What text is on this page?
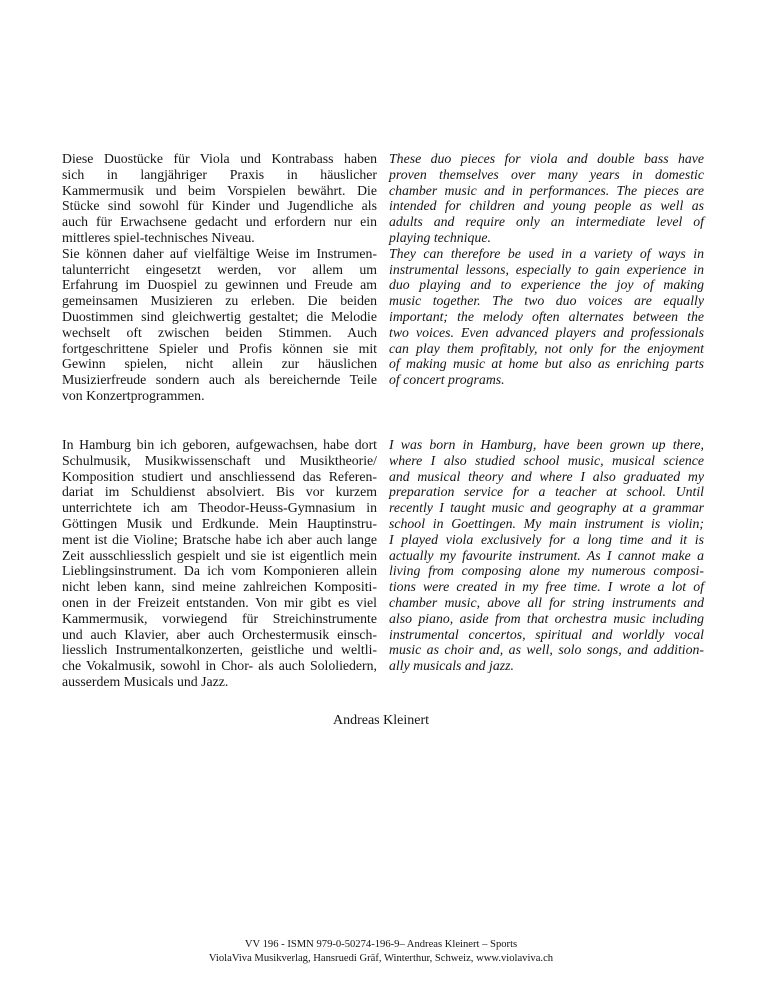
Diese Duostücke für Viola und Kontrabass haben
sich in langjähriger Praxis in häuslicher
Kammermusik und beim Vorspielen bewährt. Die
Stücke sind sowohl für Kinder und Jugendliche als
auch für Erwachsene gedacht und erfordern nur ein
mittleres spiel-technisches Niveau.
Sie können daher auf vielfältige Weise im Instrumen-
talunterricht eingesetzt werden, vor allem um
Erfahrung im Duospiel zu gewinnen und Freude am
gemeinsamen Musizieren zu erleben. Die beiden
Duostimmen sind gleichwertig gestaltet; die Melodie
wechselt oft zwischen beiden Stimmen. Auch
fortgeschrittene Spieler und Profis können sie mit
Gewinn spielen, nicht allein zur häuslichen
Musizierfreude sondern auch als bereichernde Teile
von Konzertprogrammen.
These duo pieces for viola and double bass have
proven themselves over many years in domestic
chamber music and in performances. The pieces are
intended for children and young people as well as
adults and require only an intermediate level of
playing technique.
They can therefore be used in a variety of ways in
instrumental lessons, especially to gain experience in
duo playing and to experience the joy of making
music together. The two duo voices are equally
important; the melody often alternates between the
two voices. Even advanced players and professionals
can play them profitably, not only for the enjoyment
of making music at home but also as enriching parts
of concert programs.
In Hamburg bin ich geboren, aufgewachsen, habe dort
Schulmusik, Musikwissenschaft und Musiktheorie/
Komposition studiert und anschliessend das Referen-
dariat im Schuldienst absolviert. Bis vor kurzem
unterrichtete ich am Theodor-Heuss-Gymnasium in
Göttingen Musik und Erdkunde. Mein Hauptinstru-
ment ist die Violine; Bratsche habe ich aber auch lange
Zeit ausschliesslich gespielt und sie ist eigentlich mein
Lieblingsinstrument. Da ich vom Komponieren allein
nicht leben kann, sind meine zahlreichen Kompositi-
onen in der Freizeit entstanden. Von mir gibt es viel
Kammermusik, vorwiegend für Streichinstrumente
und auch Klavier, aber auch Orchestermusik einsch-
liesslich Instrumentalkonzerten, geistliche und weltli-
che Vokalmusik, sowohl in Chor- als auch Sololiedern,
ausserdem Musicals und Jazz.
I was born in Hamburg, have been grown up there,
where I also studied school music, musical science
and musical theory and where I also graduated my
preparation service for a teacher at school. Until
recently I taught music and geography at a grammar
school in Goettingen. My main instrument is violin;
I played viola exclusively for a long time and it is
actually my favourite instrument. As I cannot make a
living from composing alone my numerous composi-
tions were created in my free time. I wrote a lot of
chamber music, above all for string instruments and
also piano, aside from that orchestra music including
instrumental concertos, spiritual and worldly vocal
music as choir and, as well, solo songs, and addition-
ally musicals and jazz.
Andreas Kleinert
VV 196 - ISMN 979-0-50274-196-9– Andreas Kleinert – Sports
ViolaViva Musikverlag, Hansruedi Gräf, Winterthur, Schweiz, www.violaviva.ch
